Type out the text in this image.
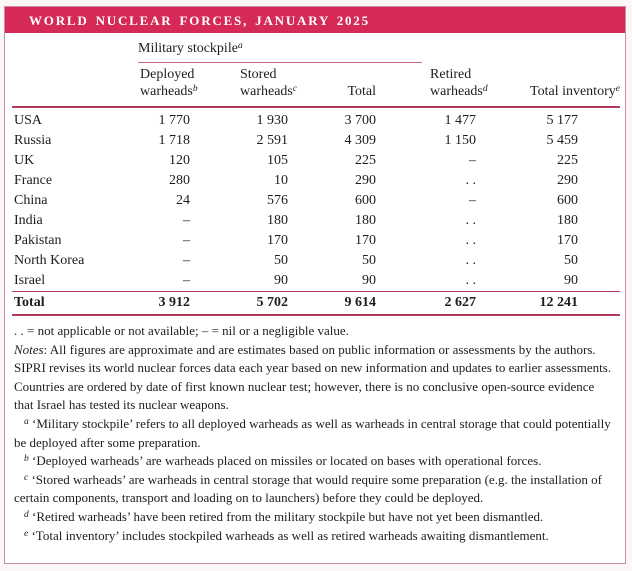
WORLD NUCLEAR FORCES, JANUARY 2025
	Military stockpile$^a$		
	Deployed warheads$^b$	Stored warheads$^c$	Total	Retired warheads$^d$	Total inventory$^e$
USA	1 770	1 930	3 700	1 477	5 177
Russia	1 718	2 591	4 309	1 150	5 459
UK	120	105	225	–	225
France	280	10	290	. .	290
China	24	576	600	–	600
India	–	180	180	. .	180
Pakistan	–	170	170	. .	170
North Korea	–	50	50	. .	50
Israel	–	90	90	. .	90
Total	3 912	5 702	9 614	2 627	12 241

. . = not applicable or not available; – = nil or a negligible value.

Notes: All figures are approximate and are estimates based on public information or assessments by the authors. SIPRI revises its world nuclear forces data each year based on new information and updates to earlier assessments. Countries are ordered by date of first known nuclear test; however, there is no conclusive open-source evidence that Israel has tested its nuclear weapons.

$^a$ ‘Military stockpile’ refers to all deployed warheads as well as warheads in central storage that could potentially be deployed after some preparation.

$^b$ ‘Deployed warheads’ are warheads placed on missiles or located on bases with operational forces.

$^c$ ‘Stored warheads’ are warheads in central storage that would require some preparation (e.g. the installation of certain components, transport and loading on to launchers) before they could be deployed.

$^d$ ‘Retired warheads’ have been retired from the military stockpile but have not yet been dismantled.

$^e$ ‘Total inventory’ includes stockpiled warheads as well as retired warheads awaiting dismantlement.
